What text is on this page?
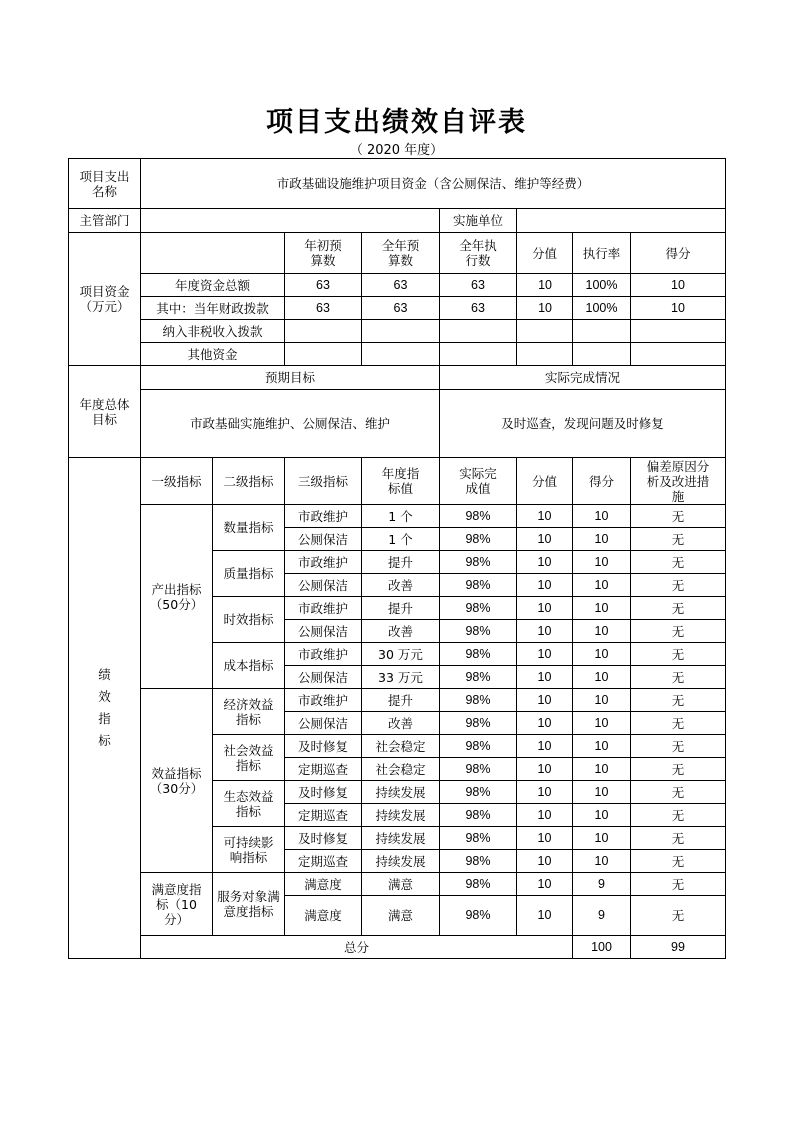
项目支出绩效自评表
（ 2020 年度）
项目支出名称	市政基础设施维护项目资金（含公厕保洁、维护等经费）								
主管部门					实施单位				
项目资金（万元）			年初预算数	全年预算数	全年执行数	分值	执行率	得分	
	年度资金总额		63	63	63	10	100%	10	
	其中：当年财政拨款		63	63	63	10	100%	10	
	纳入非税收入拨款								
	其他资金								
年度总体目标	预期目标				实际完成情况				
	市政基础实施维护、公厕保洁、维护				及时巡查，发现问题及时修复				
绩效指标	一级指标	二级指标	三级指标	年度指标值	实际完成值	分值	得分	偏差原因分析及改进措施	
	产出指标（50分）	数量指标	市政维护	1 个	98%	10	10	无	
			公厕保洁	1 个	98%	10	10	无	
		质量指标	市政维护	提升	98%	10	10	无	
			公厕保洁	改善	98%	10	10	无	
		时效指标	市政维护	提升	98%	10	10	无	
			公厕保洁	改善	98%	10	10	无	
		成本指标	市政维护	30 万元	98%	10	10	无	
			公厕保洁	33 万元	98%	10	10	无	
	效益指标（30分）	经济效益指标	市政维护	提升	98%	10	10	无	
			公厕保洁	改善	98%	10	10	无	
		社会效益指标	及时修复	社会稳定	98%	10	10	无	
			定期巡查	社会稳定	98%	10	10	无	
		生态效益指标	及时修复	持续发展	98%	10	10	无	
			定期巡查	持续发展	98%	10	10	无	
		可持续影响指标	及时修复	持续发展	98%	10	10	无	
			定期巡查	持续发展	98%	10	10	无	
	满意度指标（10分）	服务对象满意度指标	满意度	满意	98%	10	9	无	
			满意度	满意	98%	10	9	无	
	总分						100	99	
